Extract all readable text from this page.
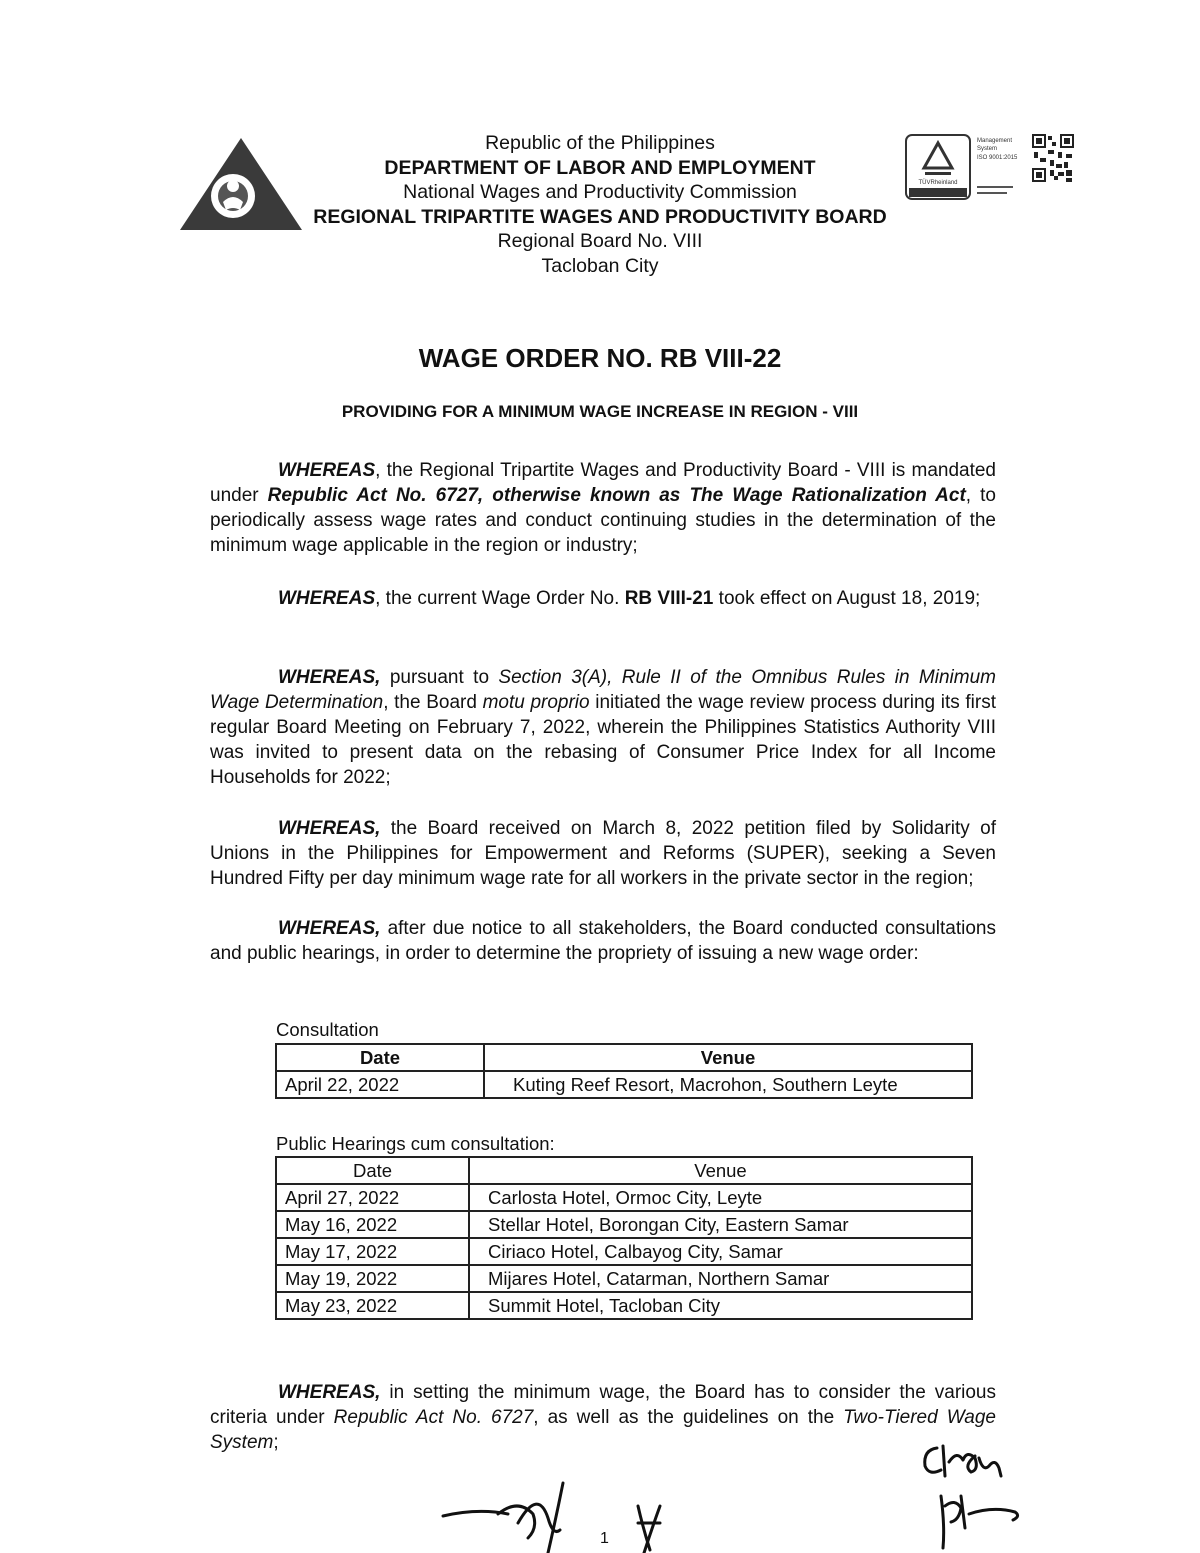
Republic of the Philippines
DEPARTMENT OF LABOR AND EMPLOYMENT
National Wages and Productivity Commission
REGIONAL TRIPARTITE WAGES AND PRODUCTIVITY BOARD
Regional Board No. VIII
Tacloban City
TÜVRheinland
Management
System
ISO 9001:2015
WAGE ORDER NO. RB VIII-22
PROVIDING FOR A MINIMUM WAGE INCREASE IN REGION - VIII

WHEREAS, the Regional Tripartite Wages and Productivity Board - VIII is mandated under Republic Act No. 6727, otherwise known as The Wage Rationalization Act, to periodically assess wage rates and conduct continuing studies in the determination of the minimum wage applicable in the region or industry;

WHEREAS, the current Wage Order No. RB VIII-21 took effect on August 18, 2019;

WHEREAS, pursuant to Section 3(A), Rule II of the Omnibus Rules in Minimum Wage Determination, the Board motu proprio initiated the wage review process during its first regular Board Meeting on February 7, 2022, wherein the Philippines Statistics Authority VIII was invited to present data on the rebasing of Consumer Price Index for all Income Households for 2022;

WHEREAS, the Board received on March 8, 2022 petition filed by Solidarity of Unions in the Philippines for Empowerment and Reforms (SUPER), seeking a Seven Hundred Fifty per day minimum wage rate for all workers in the private sector in the region;

WHEREAS, after due notice to all stakeholders, the Board conducted consultations and public hearings, in order to determine the propriety of issuing a new wage order:

Consultation
Date	Venue
April 22, 2022	Kuting Reef Resort, Macrohon, Southern Leyte
Public Hearings cum consultation:
Date	Venue
April 27, 2022	Carlosta Hotel, Ormoc City, Leyte
May 16, 2022	Stellar Hotel, Borongan City, Eastern Samar
May 17, 2022	Ciriaco Hotel, Calbayog City, Samar
May 19, 2022	Mijares Hotel, Catarman, Northern Samar
May 23, 2022	Summit Hotel, Tacloban City

WHEREAS, in setting the minimum wage, the Board has to consider the various criteria under Republic Act No. 6727, as well as the guidelines on the Two-Tiered Wage System;

1
